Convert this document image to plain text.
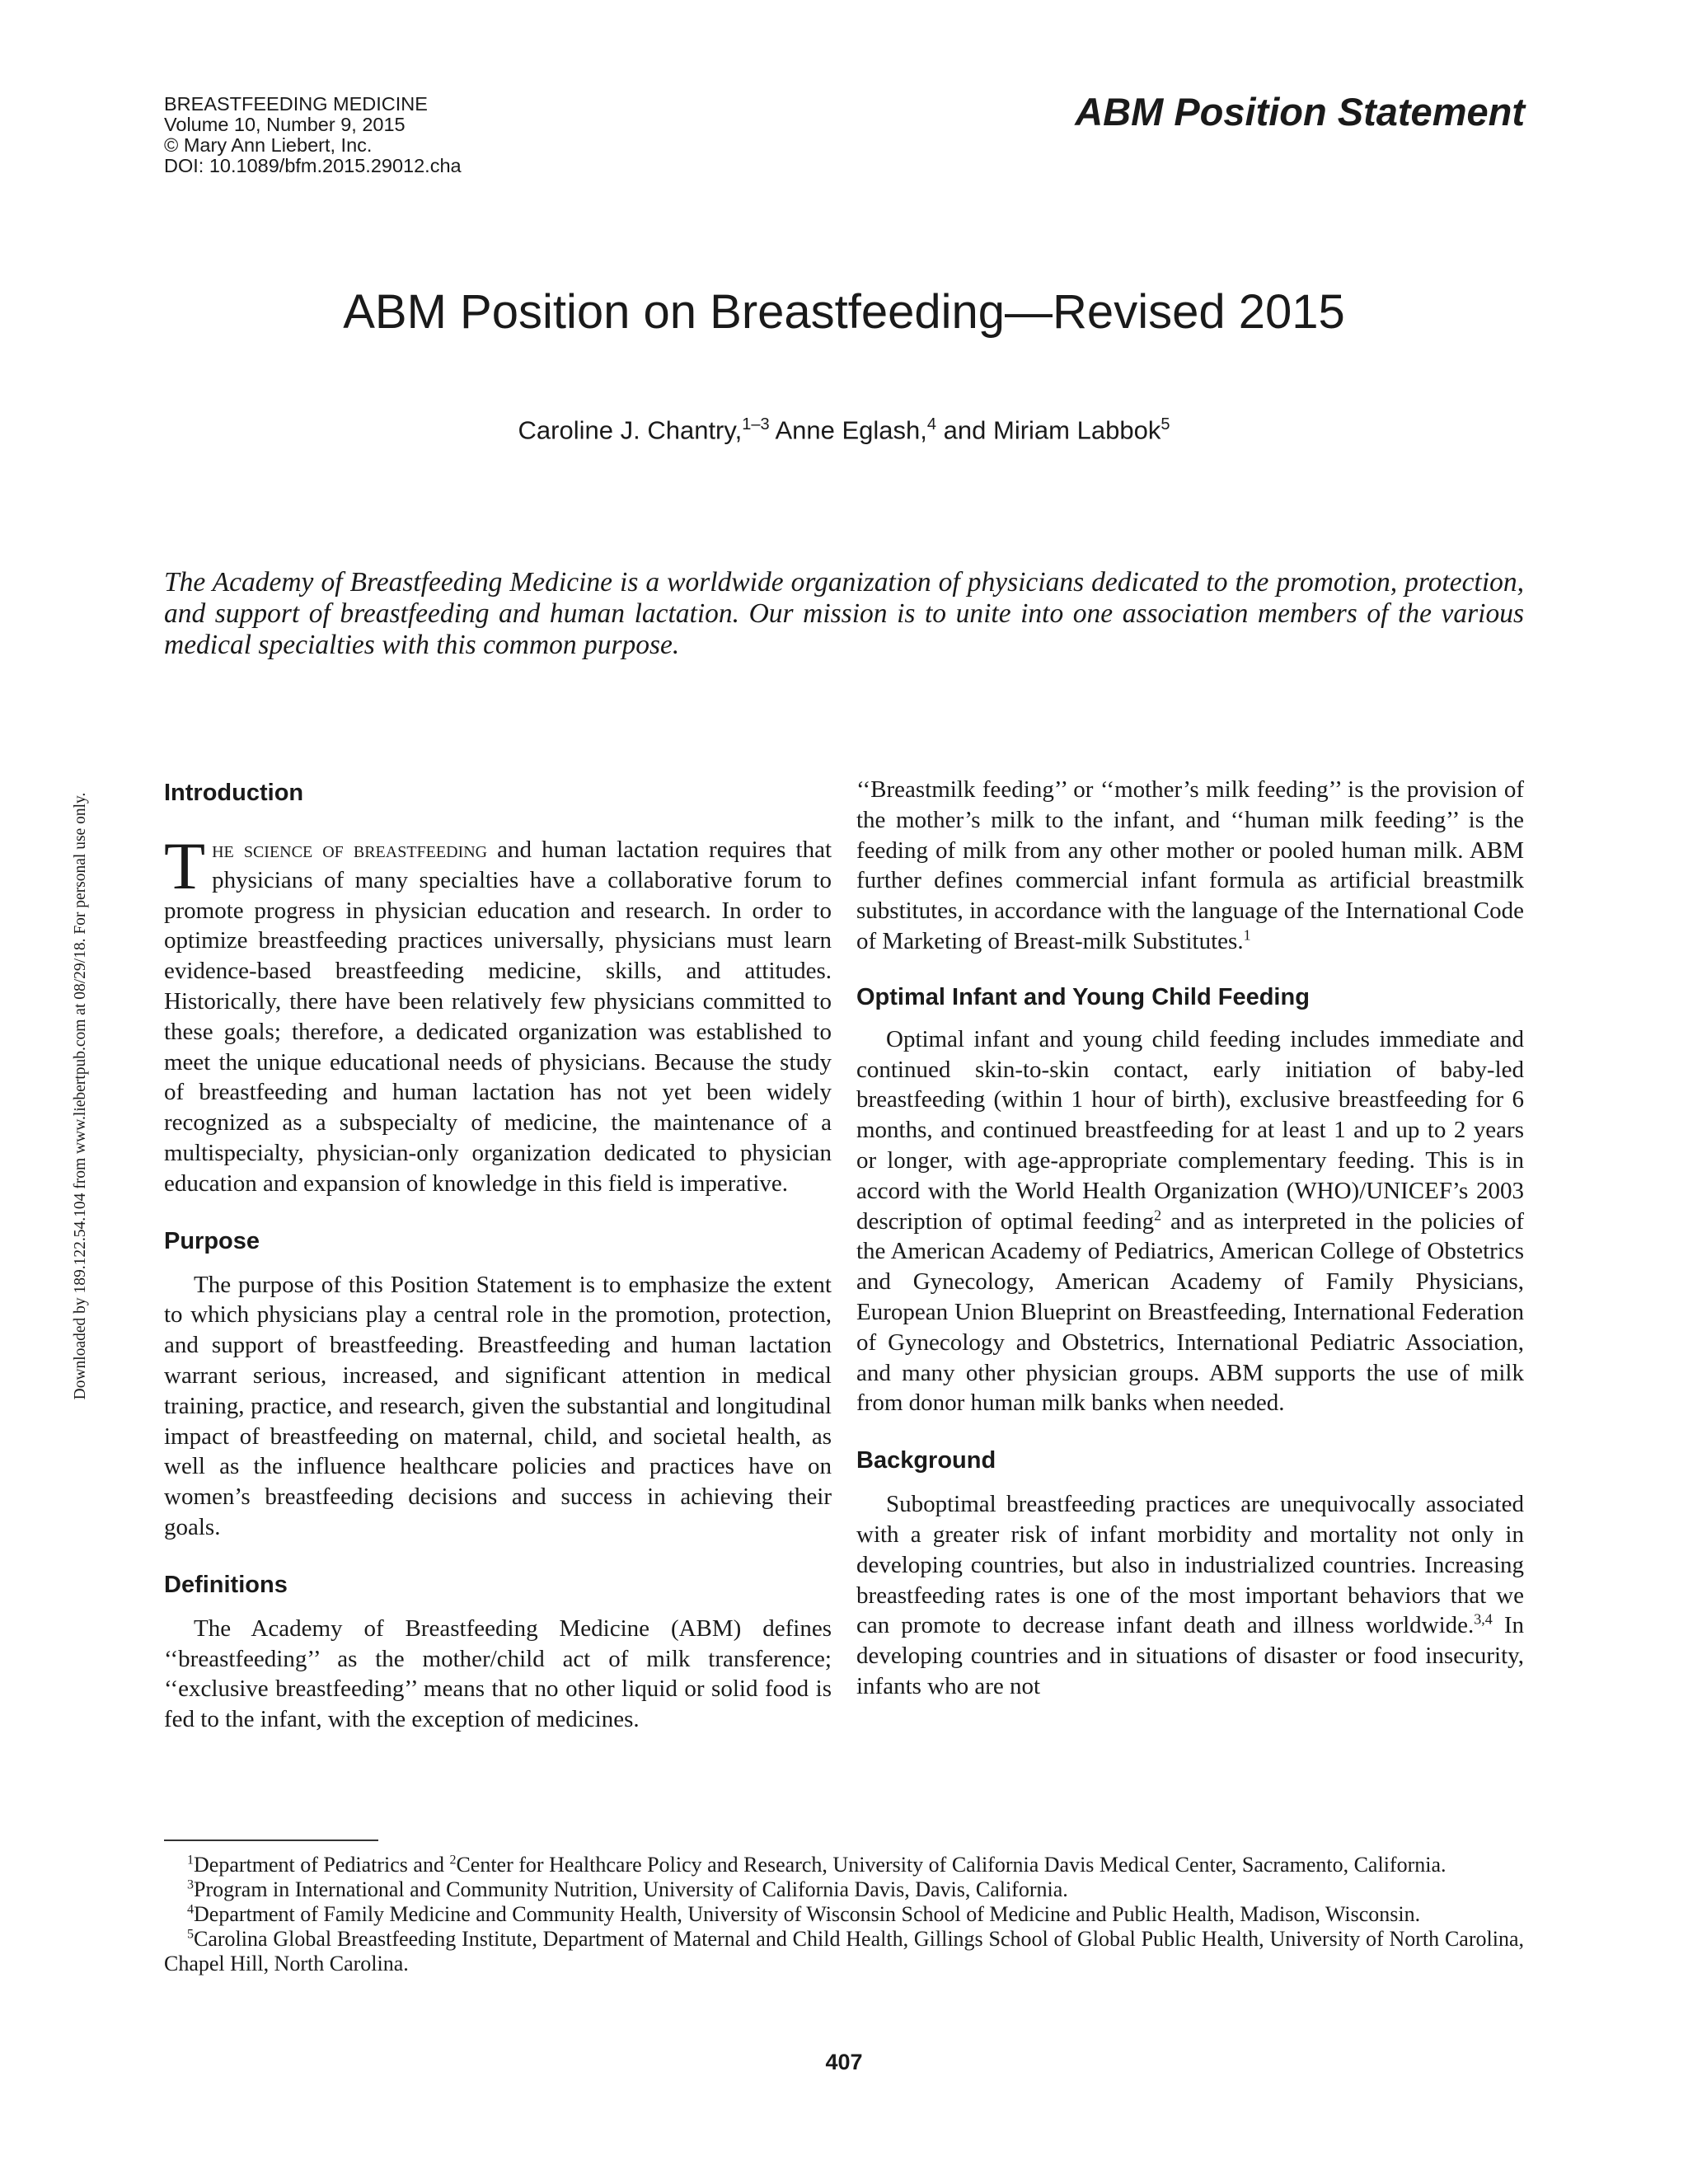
BREASTFEEDING MEDICINE
Volume 10, Number 9, 2015
© Mary Ann Liebert, Inc.
DOI: 10.1089/bfm.2015.29012.cha
ABM Position Statement
ABM Position on Breastfeeding—Revised 2015
Caroline J. Chantry,$^{1-3}$ Anne Eglash,$^4$ and Miriam Labbok$^5$
The Academy of Breastfeeding Medicine is a worldwide organization of physicians dedicated to the promotion, protection, and support of breastfeeding and human lactation. Our mission is to unite into one association members of the various medical specialties with this common purpose.
Downloaded by 189.122.54.104 from www.liebertpub.com at 08/29/18. For personal use only.	Introduction

The science of breastfeeding and human lactation requires that physicians of many specialties have a collaborative forum to promote progress in physician education and research. In order to optimize breastfeeding practices universally, physicians must learn evidence-based breastfeeding medicine, skills, and attitudes. Historically, there have been relatively few physicians committed to these goals; therefore, a dedicated organization was established to meet the unique educational needs of physicians. Because the study of breastfeeding and human lactation has not yet been widely recognized as a subspecialty of medicine, the maintenance of a multispecialty, physician-only organization dedicated to physician education and expansion of knowledge in this field is imperative.

Purpose

The purpose of this Position Statement is to emphasize the extent to which physicians play a central role in the promotion, protection, and support of breastfeeding. Breastfeeding and human lactation warrant serious, increased, and significant attention in medical training, practice, and research, given the substantial and longitudinal impact of breastfeeding on maternal, child, and societal health, as well as the influence healthcare policies and practices have on women’s breastfeeding decisions and success in achieving their goals.

Definitions

The Academy of Breastfeeding Medicine (ABM) defines ‘‘breastfeeding’’ as the mother/child act of milk transference; ‘‘exclusive breastfeeding’’ means that no other liquid or solid food is fed to the infant, with the exception of medicines.

‘‘Breastmilk feeding’’ or ‘‘mother’s milk feeding’’ is the provision of the mother’s milk to the infant, and ‘‘human milk feeding’’ is the feeding of milk from any other mother or pooled human milk. ABM further defines commercial infant formula as artificial breastmilk substitutes, in accordance with the language of the International Code of Marketing of Breast-milk Substitutes.$^1$

Optimal Infant and Young Child Feeding

Optimal infant and young child feeding includes immediate and continued skin-to-skin contact, early initiation of baby-led breastfeeding (within 1 hour of birth), exclusive breastfeeding for 6 months, and continued breastfeeding for at least 1 and up to 2 years or longer, with age-appropriate complementary feeding. This is in accord with the World Health Organization (WHO)/UNICEF’s 2003 description of optimal feeding$^2$ and as interpreted in the policies of the American Academy of Pediatrics, American College of Obstetrics and Gynecology, American Academy of Family Physicians, European Union Blueprint on Breastfeeding, International Federation of Gynecology and Obstetrics, International Pediatric Association, and many other physician groups. ABM supports the use of milk from donor human milk banks when needed.

Background

Suboptimal breastfeeding practices are unequivocally associated with a greater risk of infant morbidity and mortality not only in developing countries, but also in industrialized countries. Increasing breastfeeding rates is one of the most important behaviors that we can promote to decrease infant death and illness worldwide.$^{3,4}$ In developing countries and in situations of disaster or food insecurity, infants who are not

$^1$Department of Pediatrics and $^2$Center for Healthcare Policy and Research, University of California Davis Medical Center, Sacramento, California.
$^3$Program in International and Community Nutrition, University of California Davis, Davis, California.
$^4$Department of Family Medicine and Community Health, University of Wisconsin School of Medicine and Public Health, Madison, Wisconsin.
$^5$Carolina Global Breastfeeding Institute, Department of Maternal and Child Health, Gillings School of Global Public Health, University of North Carolina, Chapel Hill, North Carolina.
407
